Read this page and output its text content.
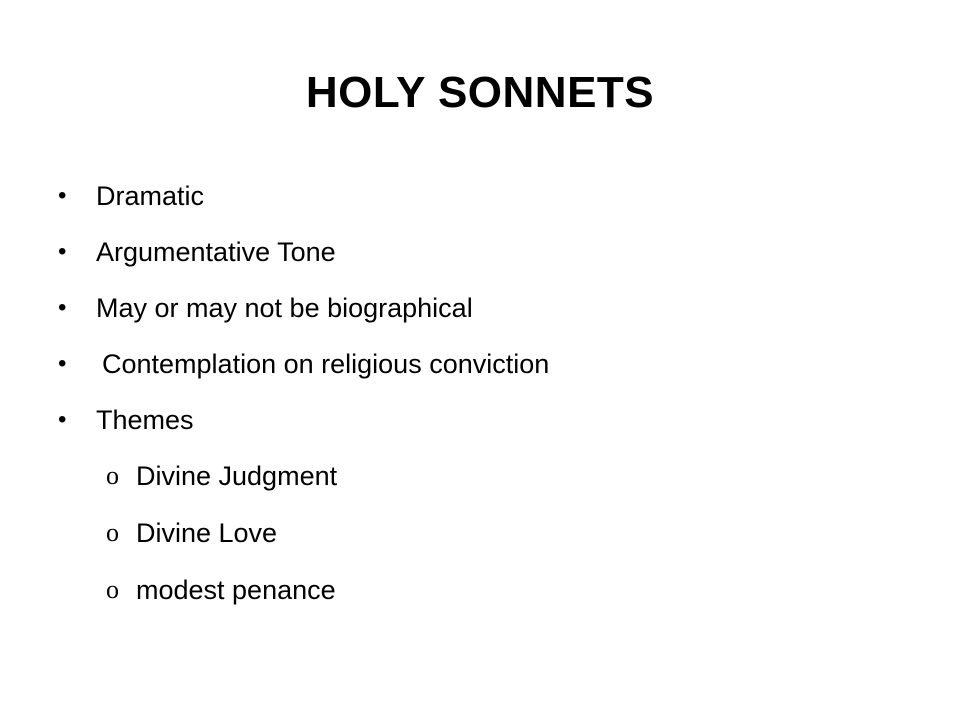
HOLY SONNETS
•	Dramatic
•	Argumentative Tone
•	May or may not be biographical
•	Contemplation on religious conviction
•	Themes
o Divine Judgment
o Divine Love
o modest penance
